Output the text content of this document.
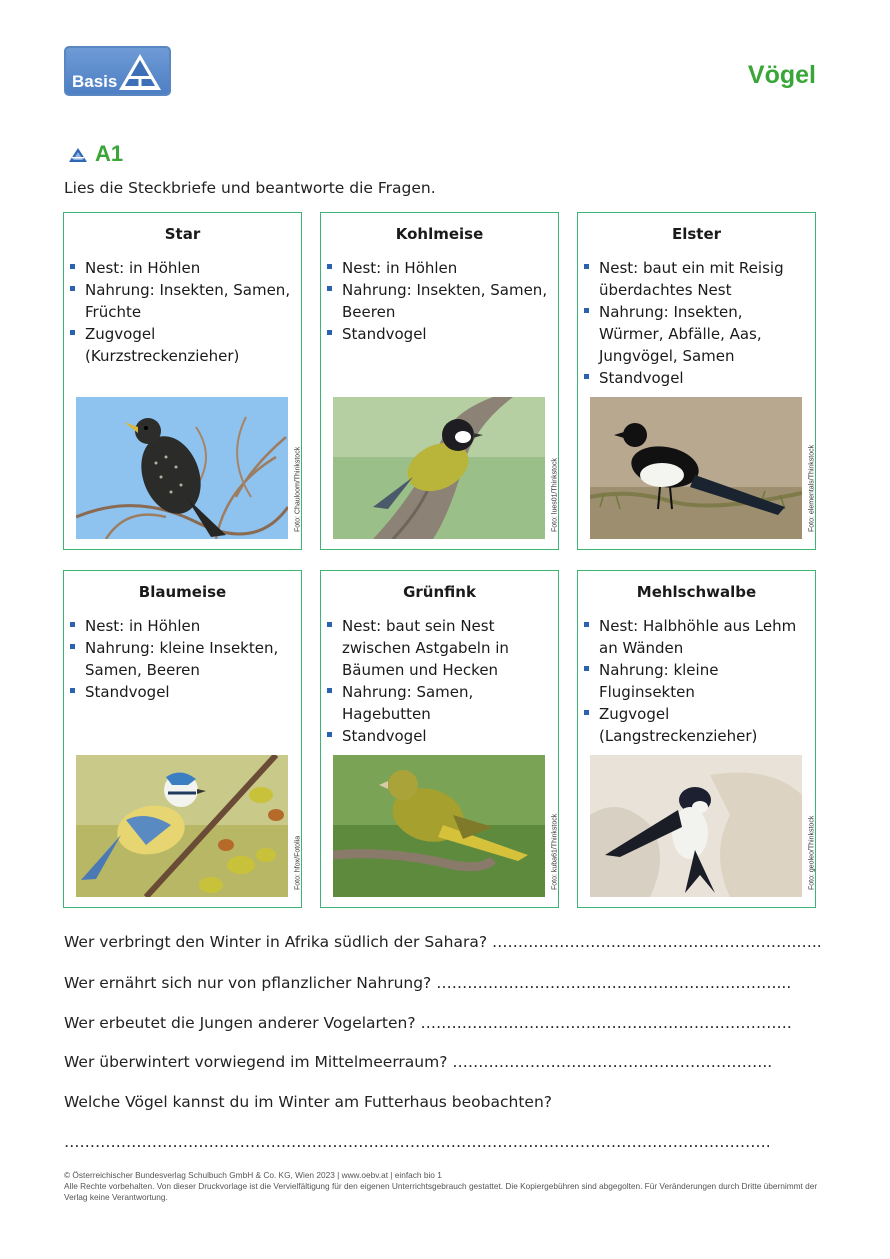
Basis	Vögel
A1
Lies die Steckbriefe und beantworte die Fragen.
Star
Nest: in Höhlen
Nahrung: Insekten, Samen, Früchte
Zugvogel (Kurzstreckenzieher)
Foto: Chauloom/Thinkstock
Kohlmeise
Nest: in Höhlen
Nahrung: Insekten, Samen, Beeren
Standvogel
Foto: lues01/Thinkstock
Elster
Nest: baut ein mit Reisig überdachtes Nest
Nahrung: Insekten, Würmer, Abfälle, Aas, Jungvögel, Samen
Standvogel
Foto: elementals/Thinkstock
Blaumeise
Nest: in Höhlen
Nahrung: kleine Insekten, Samen, Beeren
Standvogel
Foto: hfox/Fotolia
Grünfink
Nest: baut sein Nest zwischen Astgabeln in Bäumen und Hecken
Nahrung: Samen, Hagebutten
Standvogel
Foto: kuba61/Thinkstock
Mehlschwalbe
Nest: Halbhöhle aus Lehm an Wänden
Nahrung: kleine Fluginsekten
Zugvogel (Langstreckenzieher)
Foto: geoleo/Thinkstock
Wer verbringt den Winter in Afrika südlich der Sahara? …………………….…………………………….…..
Wer ernährt sich nur von pflanzlicher Nahrung? …………………………….………………….………....
Wer erbeutet die Jungen anderer Vogelarten? ……………………………….…….……………………….
Wer überwintert vorwiegend im Mittelmeerraum? ……………………………………………………..
Welche Vögel kannst du im Winter am Futterhaus beobachten?
…………………………………….………………………..…………………………………….………………….
© Österreichischer Bundesverlag Schulbuch GmbH & Co. KG, Wien 2023 | www.oebv.at | einfach bio 1
Alle Rechte vorbehalten. Von dieser Druckvorlage ist die Vervielfältigung für den eigenen Unterrichtsgebrauch gestattet. Die Kopiergebühren sind abgegolten. Für Veränderungen durch Dritte übernimmt der Verlag keine Verantwortung.
